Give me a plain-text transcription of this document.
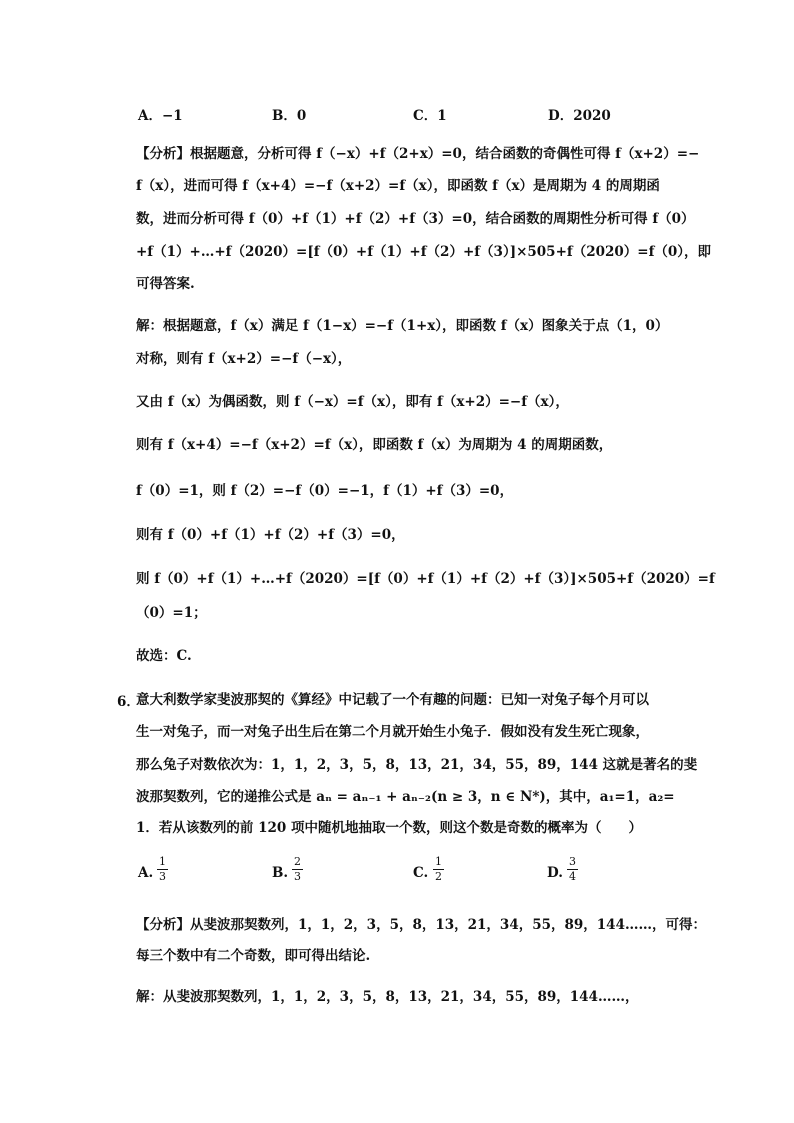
A．−1	B．0	C．1	D．2020
【分析】根据题意，分析可得 f（−x）+f（2+x）=0，结合函数的奇偶性可得 f（x+2）=−
f（x），进而可得 f（x+4）=−f（x+2）=f（x），即函数 f（x）是周期为 4 的周期函
数，进而分析可得 f（0）+f（1）+f（2）+f（3）=0，结合函数的周期性分析可得 f（0）
+f（1）+…+f（2020）=[f（0）+f（1）+f（2）+f（3）]×505+f（2020）=f（0），即
可得答案.
解：根据题意，f（x）满足 f（1−x）=−f（1+x），即函数 f（x）图象关于点（1，0）
对称，则有 f（x+2）=−f（−x），
又由 f（x）为偶函数，则 f（−x）=f（x），即有 f（x+2）=−f（x），
则有 f（x+4）=−f（x+2）=f（x），即函数 f（x）为周期为 4 的周期函数，
f（0）=1，则 f（2）=−f（0）=−1，f（1）+f（3）=0，
则有 f（0）+f（1）+f（2）+f（3）=0，
则 f（0）+f（1）+…+f（2020）=[f（0）+f（1）+f（2）+f（3）]×505+f（2020）=f
（0）=1；
故选：C.
6．
意大利数学家斐波那契的《算经》中记载了一个有趣的问题：已知一对兔子每个月可以
生一对兔子，而一对兔子出生后在第二个月就开始生小兔子．假如没有发生死亡现象，
那么兔子对数依次为：1，1，2，3，5，8，13，21，34，55，89，144 这就是著名的斐
波那契数列，它的递推公式是 aₙ = aₙ₋₁ + aₙ₋₂(n ≥ 3，n ∈ N*)，其中，a₁=1，a₂=
1．若从该数列的前 120 项中随机地抽取一个数，则这个数是奇数的概率为（　　）
A. $\frac{1}{3}$	B. $\frac{2}{3}$	C. $\frac{1}{2}$	D. $\frac{3}{4}$
【分析】从斐波那契数列，1，1，2，3，5，8，13，21，34，55，89，144……，可得：
每三个数中有二个奇数，即可得出结论.
解：从斐波那契数列，1，1，2，3，5，8，13，21，34，55，89，144……，
